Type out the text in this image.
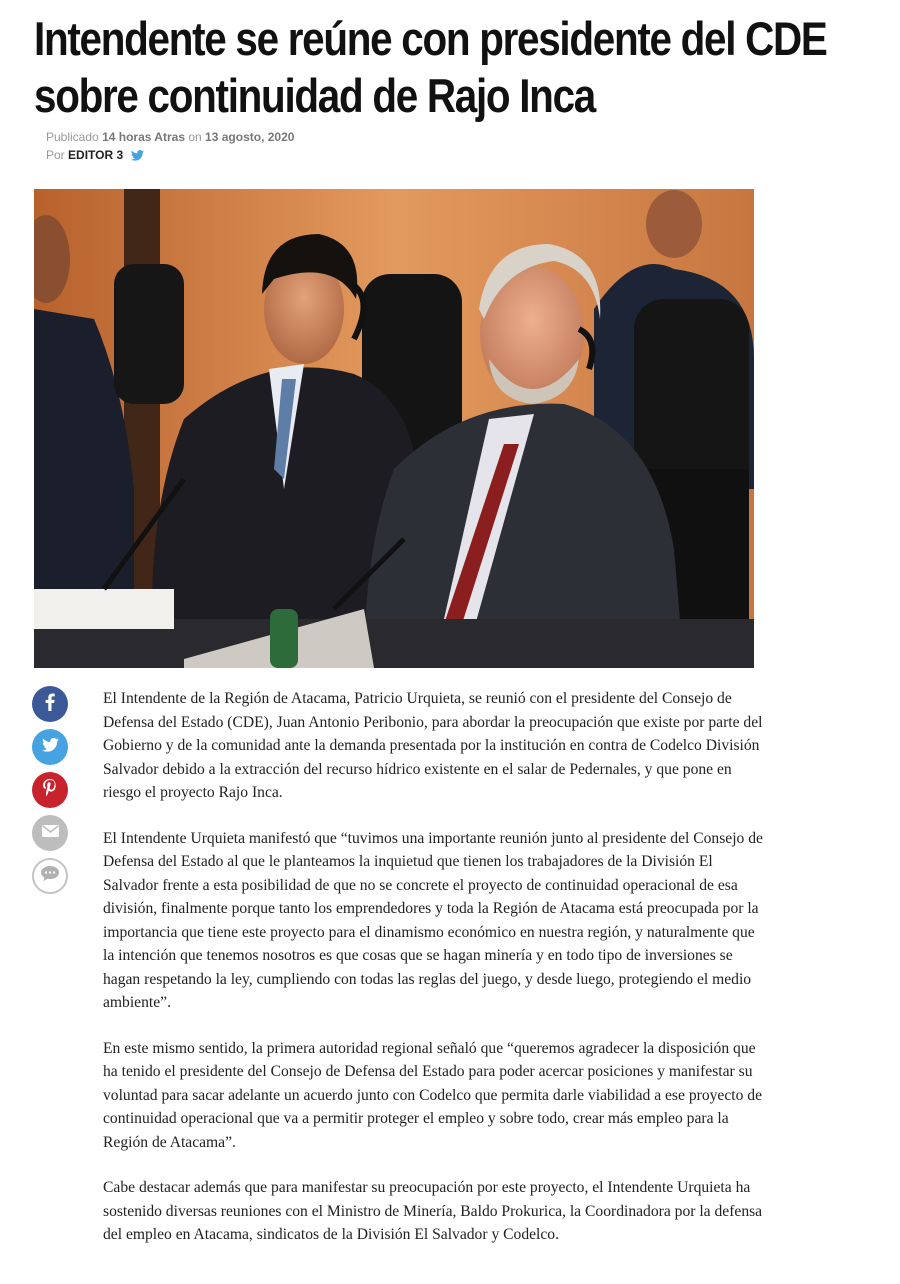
Intendente se reúne con presidente del CDE
sobre continuidad de Rajo Inca
Publicado 14 horas Atras on 13 agosto, 2020
Por EDITOR 3

El Intendente de la Región de Atacama, Patricio Urquieta, se reunió con el presidente del Consejo de Defensa del Estado (CDE), Juan Antonio Peribonio, para abordar la preocupación que existe por parte del Gobierno y de la comunidad ante la demanda presentada por la institución en contra de Codelco División Salvador debido a la extracción del recurso hídrico existente en el salar de Pedernales, y que pone en riesgo el proyecto Rajo Inca.

El Intendente Urquieta manifestó que “tuvimos una importante reunión junto al presidente del Consejo de Defensa del Estado al que le planteamos la inquietud que tienen los trabajadores de la División El Salvador frente a esta posibilidad de que no se concrete el proyecto de continuidad operacional de esa división, finalmente porque tanto los emprendedores y toda la Región de Atacama está preocupada por la importancia que tiene este proyecto para el dinamismo económico en nuestra región, y naturalmente que la intención que tenemos nosotros es que cosas que se hagan minería y en todo tipo de inversiones se hagan respetando la ley, cumpliendo con todas las reglas del juego, y desde luego, protegiendo el medio ambiente”.

En este mismo sentido, la primera autoridad regional señaló que “queremos agradecer la disposición que ha tenido el presidente del Consejo de Defensa del Estado para poder acercar posiciones y manifestar su voluntad para sacar adelante un acuerdo junto con Codelco que permita darle viabilidad a ese proyecto de continuidad operacional que va a permitir proteger el empleo y sobre todo, crear más empleo para la Región de Atacama”.

Cabe destacar además que para manifestar su preocupación por este proyecto, el Intendente Urquieta ha sostenido diversas reuniones con el Ministro de Minería, Baldo Prokurica, la Coordinadora por la defensa del empleo en Atacama, sindicatos de la División El Salvador y Codelco.
